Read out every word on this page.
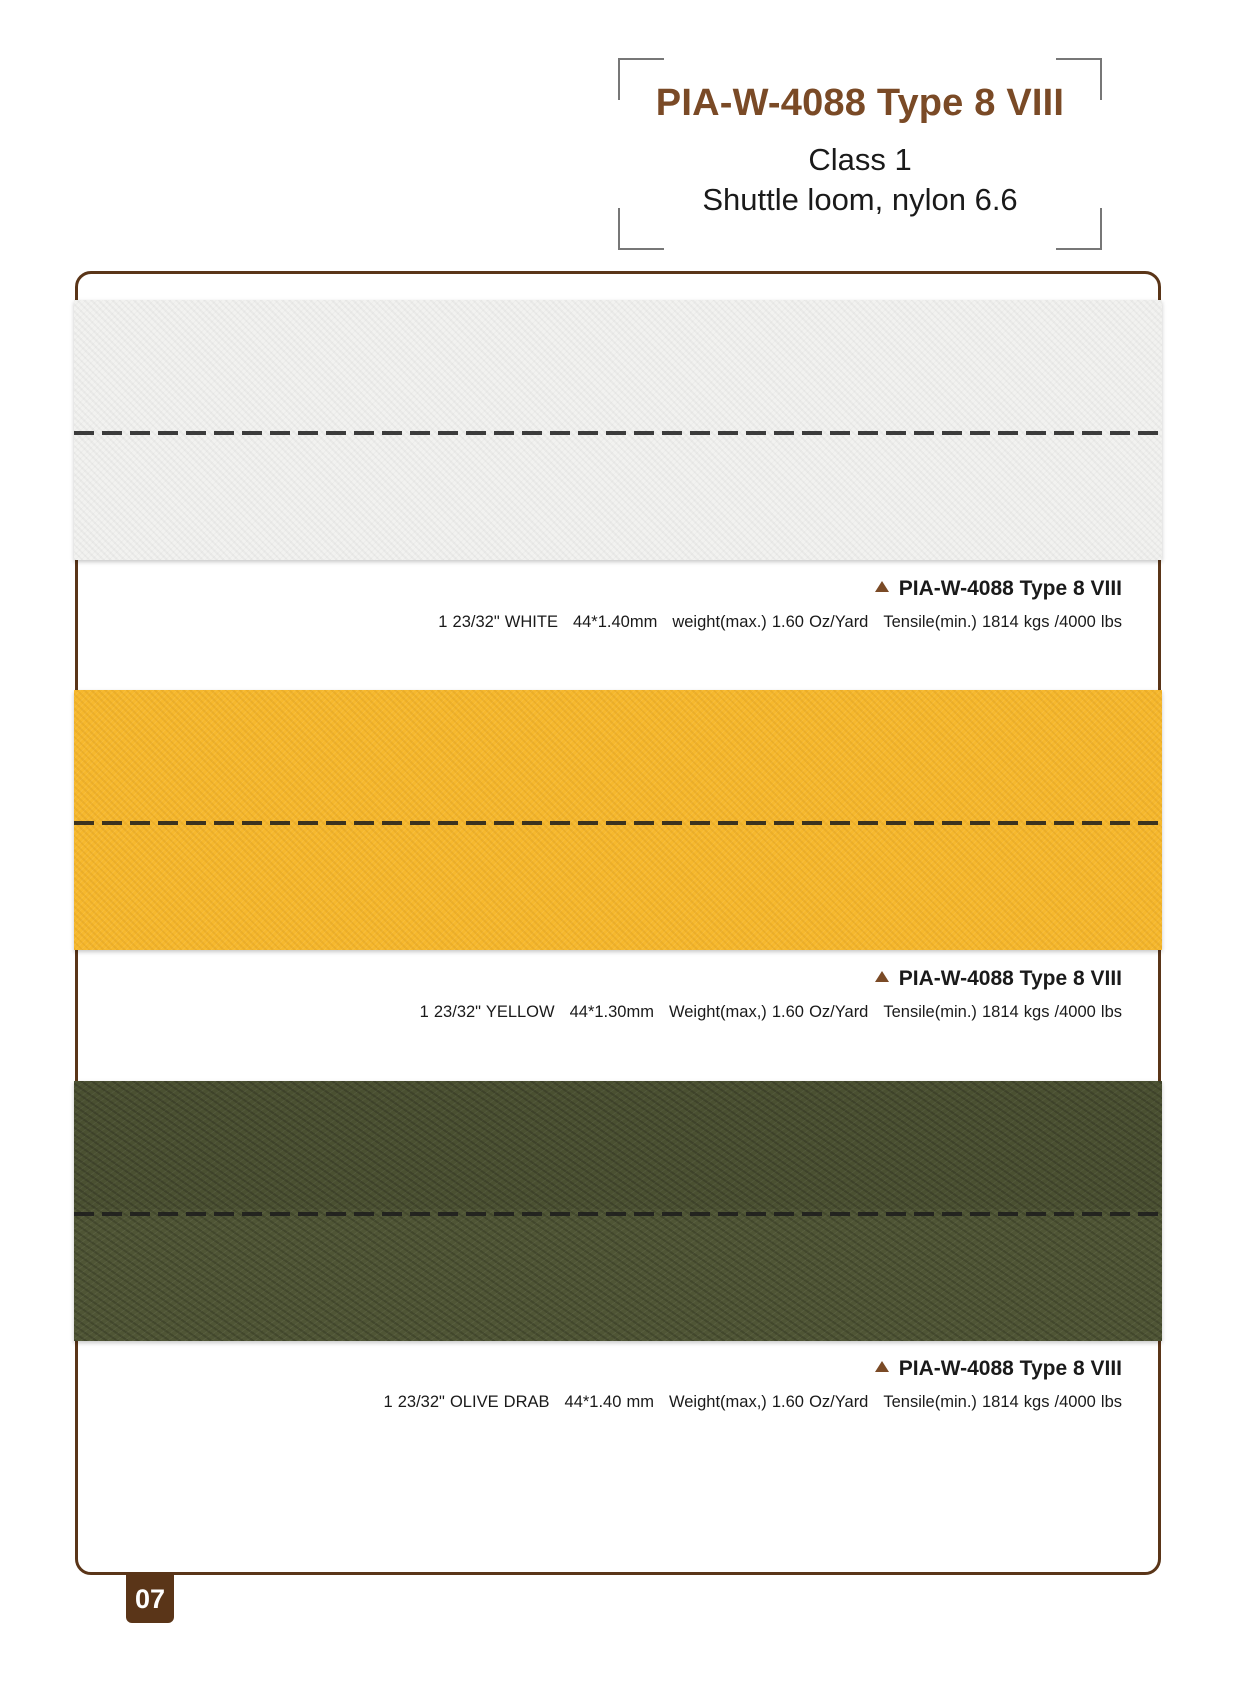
PIA-W-4088 Type 8 VIII
Class 1
Shuttle loom, nylon 6.6
PIA-W-4088 Type 8 VIII
1 23/32" WHITE 44*1.40mm weight(max.) 1.60 Oz/Yard Tensile(min.) 1814 kgs /4000 lbs
PIA-W-4088 Type 8 VIII
1 23/32" YELLOW 44*1.30mm Weight(max,) 1.60 Oz/Yard Tensile(min.) 1814 kgs /4000 lbs
PIA-W-4088 Type 8 VIII
1 23/32" OLIVE DRAB 44*1.40 mm Weight(max,) 1.60 Oz/Yard Tensile(min.) 1814 kgs /4000 lbs
07
